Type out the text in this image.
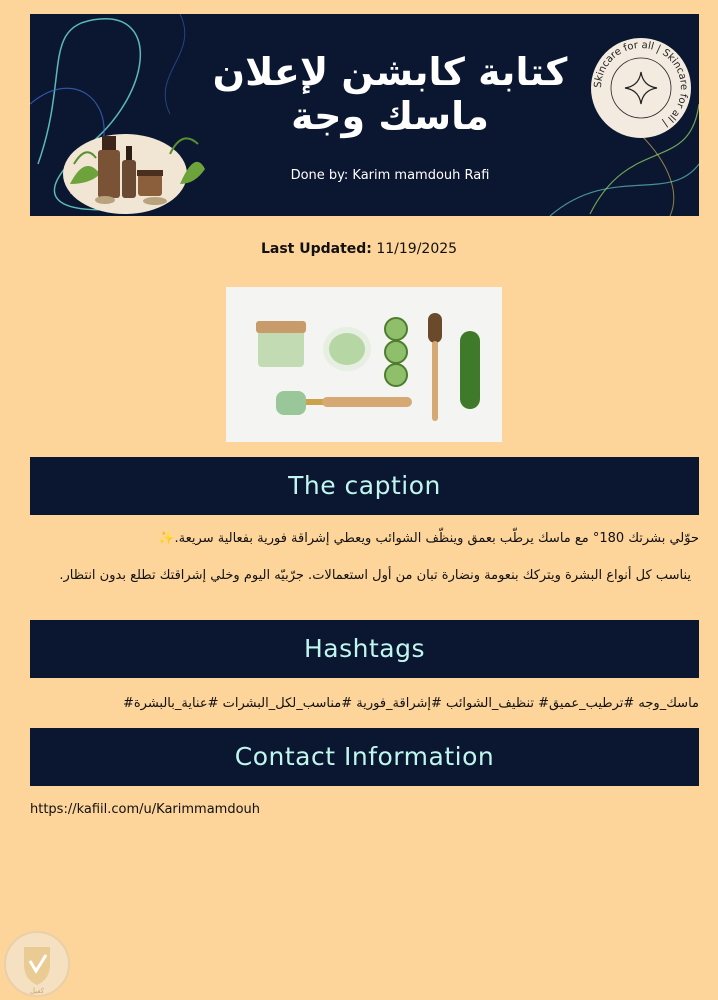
كتابة كابشن لإعلان
ماسك وجة
Done by: Karim mamdouh Rafi
Skincare for all | Skincare for all |
Last Updated: 11/19/2025
The caption
حوّلي بشرتك 180° مع ماسك يرطّب بعمق وينظّف الشوائب ويعطي إشراقة فورية بفعالية سريعة.✨
يناسب كل أنواع البشرة ويتركك بنعومة ونضارة تبان من أول استعمالات. جرّبيّه اليوم وخلي إشراقتك تطلع بدون انتظار.
Hashtags
ماسك_وجه #ترطيب_عميق# تنظيف_الشوائب #إشراقة_فورية #مناسب_لكل_البشرات #عناية_بالبشرة#
Contact Information
https://kafiil.com/u/Karimmamdouh
كفيل
